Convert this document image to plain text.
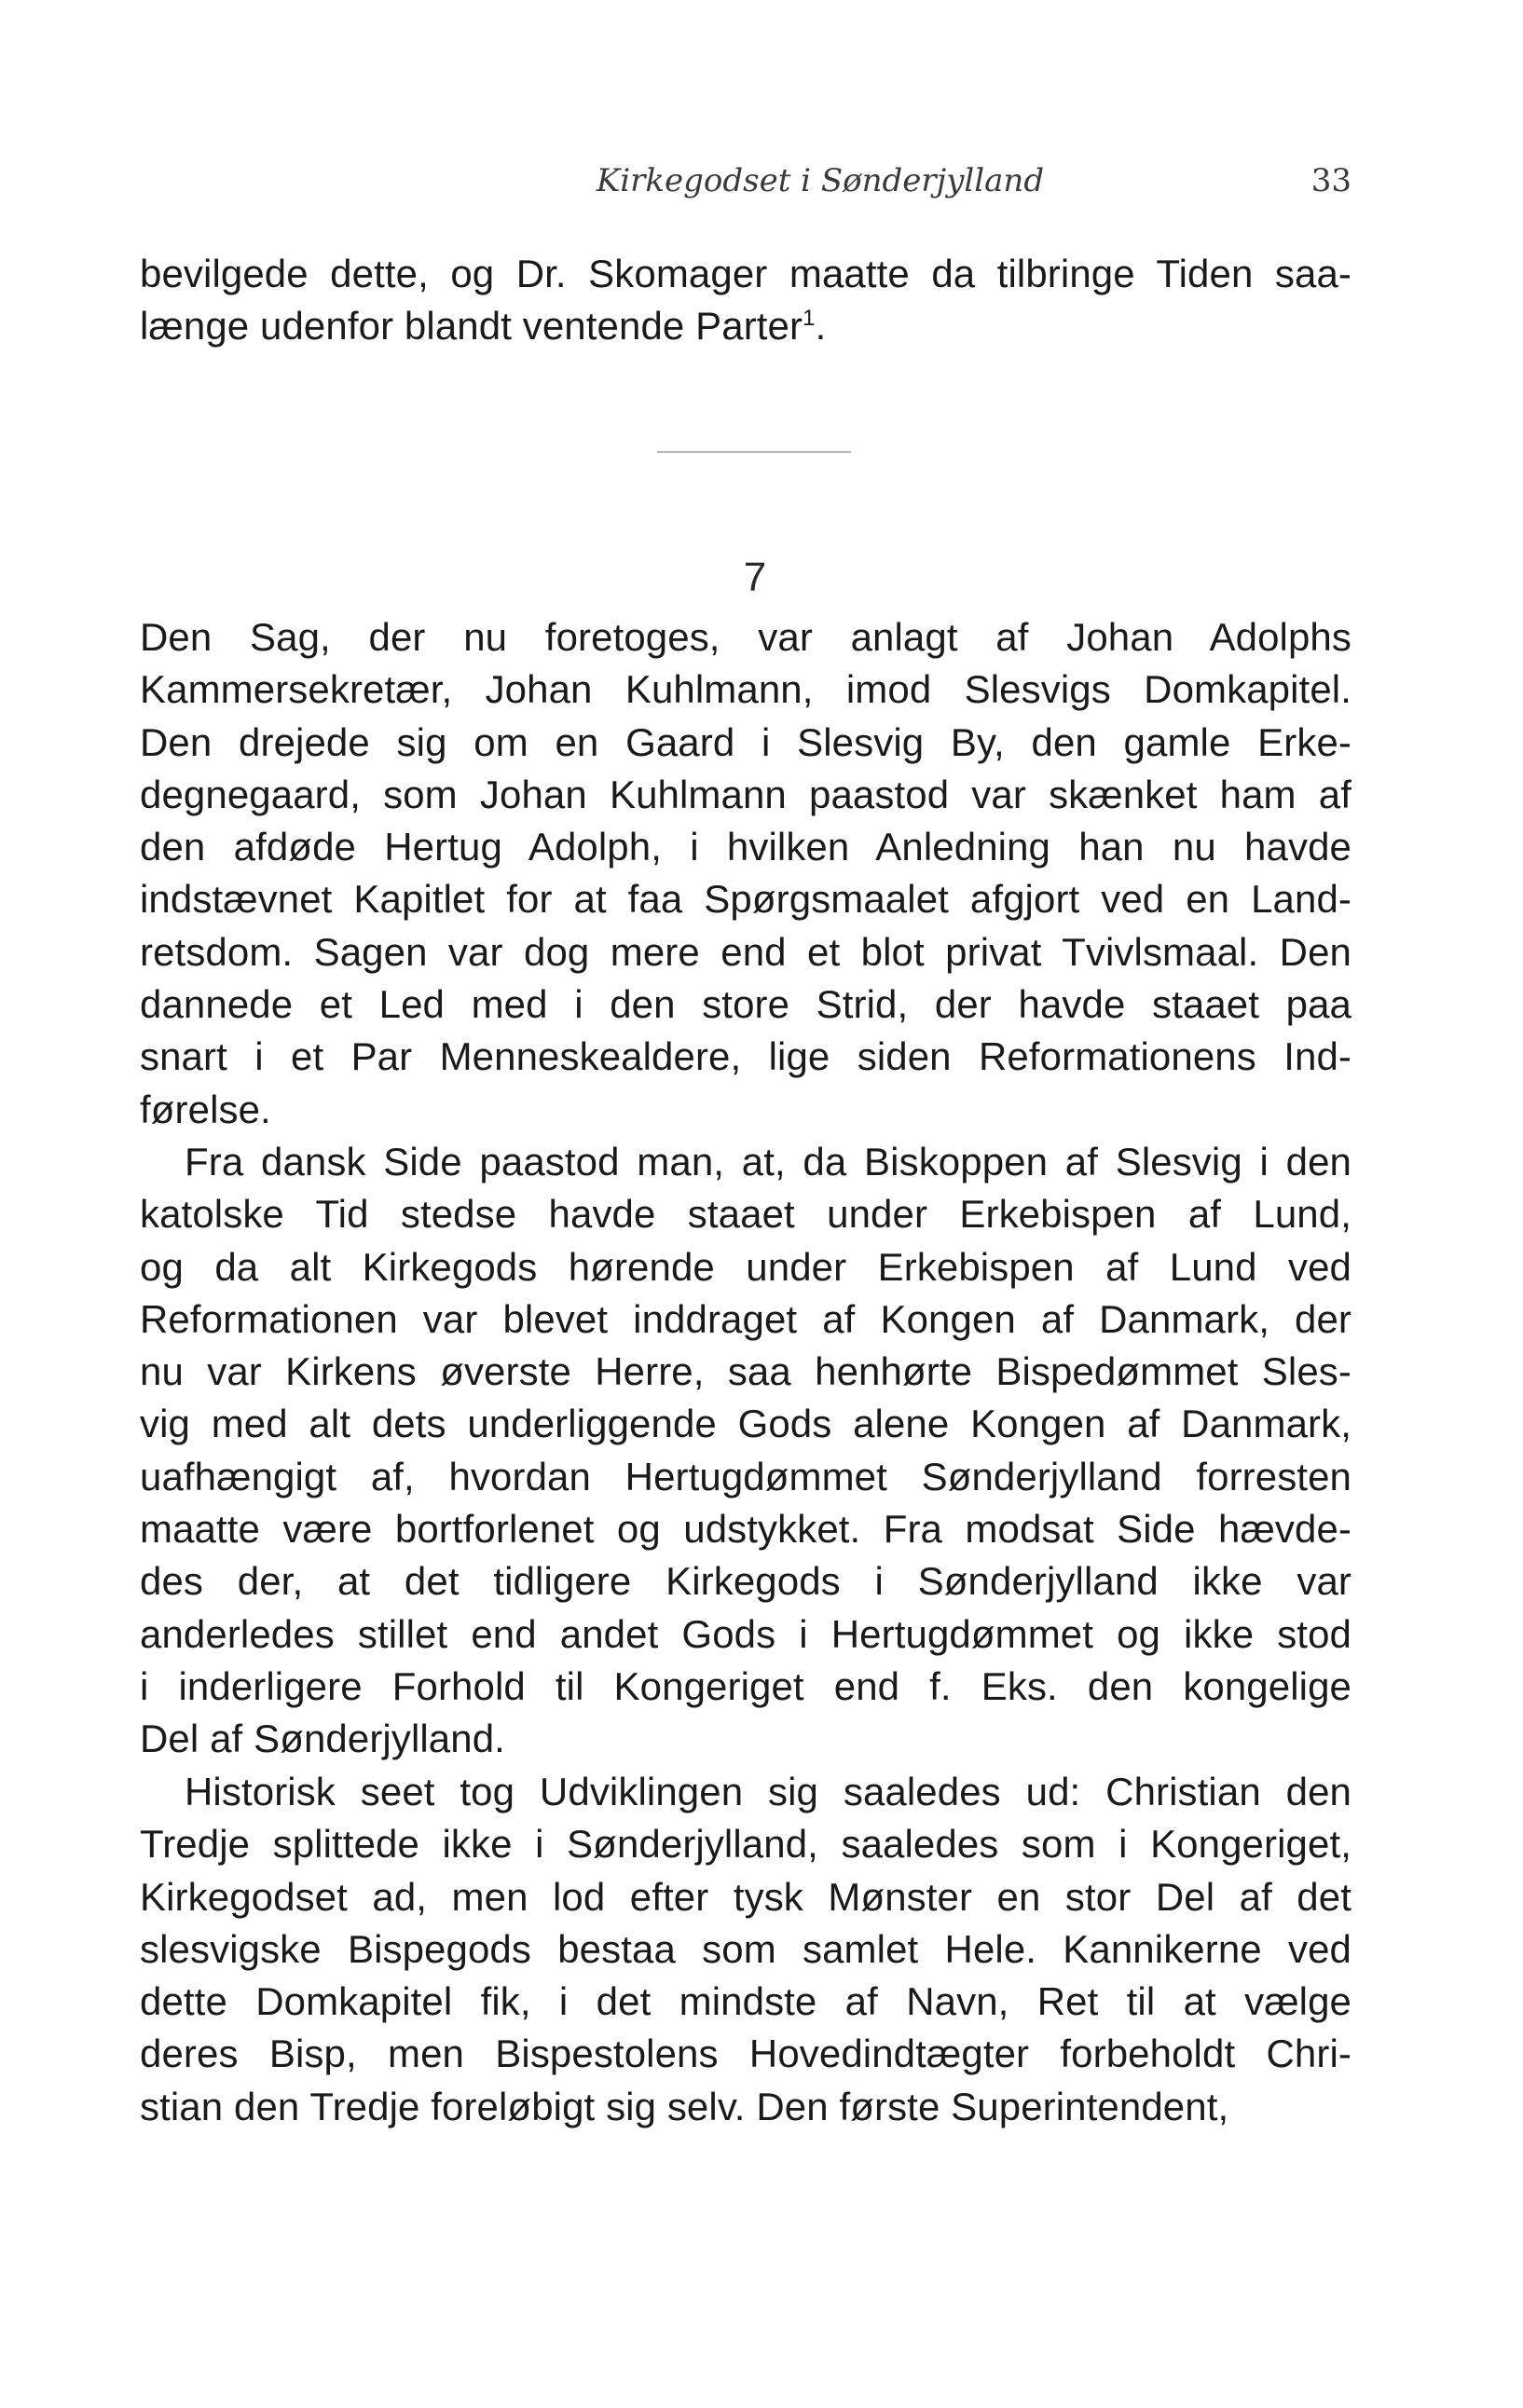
Kirkegodset i Sønderjylland	33
bevilgede dette, og Dr. Skomager maatte da tilbringe Tiden saa-
længe udenfor blandt ventende Parter$^1$.
7
Den Sag, der nu foretoges, var anlagt af Johan Adolphs
Kammersekretær, Johan Kuhlmann, imod Slesvigs Domkapitel.
Den drejede sig om en Gaard i Slesvig By, den gamle Erke-
degnegaard, som Johan Kuhlmann paastod var skænket ham af
den afdøde Hertug Adolph, i hvilken Anledning han nu havde
indstævnet Kapitlet for at faa Spørgsmaalet afgjort ved en Land-
retsdom. Sagen var dog mere end et blot privat Tvivlsmaal. Den
dannede et Led med i den store Strid, der havde staaet paa
snart i et Par Menneskealdere, lige siden Reformationens Ind-
førelse.
Fra dansk Side paastod man, at, da Biskoppen af Slesvig i den
katolske Tid stedse havde staaet under Erkebispen af Lund,
og da alt Kirkegods hørende under Erkebispen af Lund ved
Reformationen var blevet inddraget af Kongen af Danmark, der
nu var Kirkens øverste Herre, saa henhørte Bispedømmet Sles-
vig med alt dets underliggende Gods alene Kongen af Danmark,
uafhængigt af, hvordan Hertugdømmet Sønderjylland forresten
maatte være bortforlenet og udstykket. Fra modsat Side hævde-
des der, at det tidligere Kirkegods i Sønderjylland ikke var
anderledes stillet end andet Gods i Hertugdømmet og ikke stod
i inderligere Forhold til Kongeriget end f. Eks. den kongelige
Del af Sønderjylland.
Historisk seet tog Udviklingen sig saaledes ud: Christian den
Tredje splittede ikke i Sønderjylland, saaledes som i Kongeriget,
Kirkegodset ad, men lod efter tysk Mønster en stor Del af det
slesvigske Bispegods bestaa som samlet Hele. Kannikerne ved
dette Domkapitel fik, i det mindste af Navn, Ret til at vælge
deres Bisp, men Bispestolens Hovedindtægter forbeholdt Chri-
stian den Tredje foreløbigt sig selv. Den første Superintendent,
